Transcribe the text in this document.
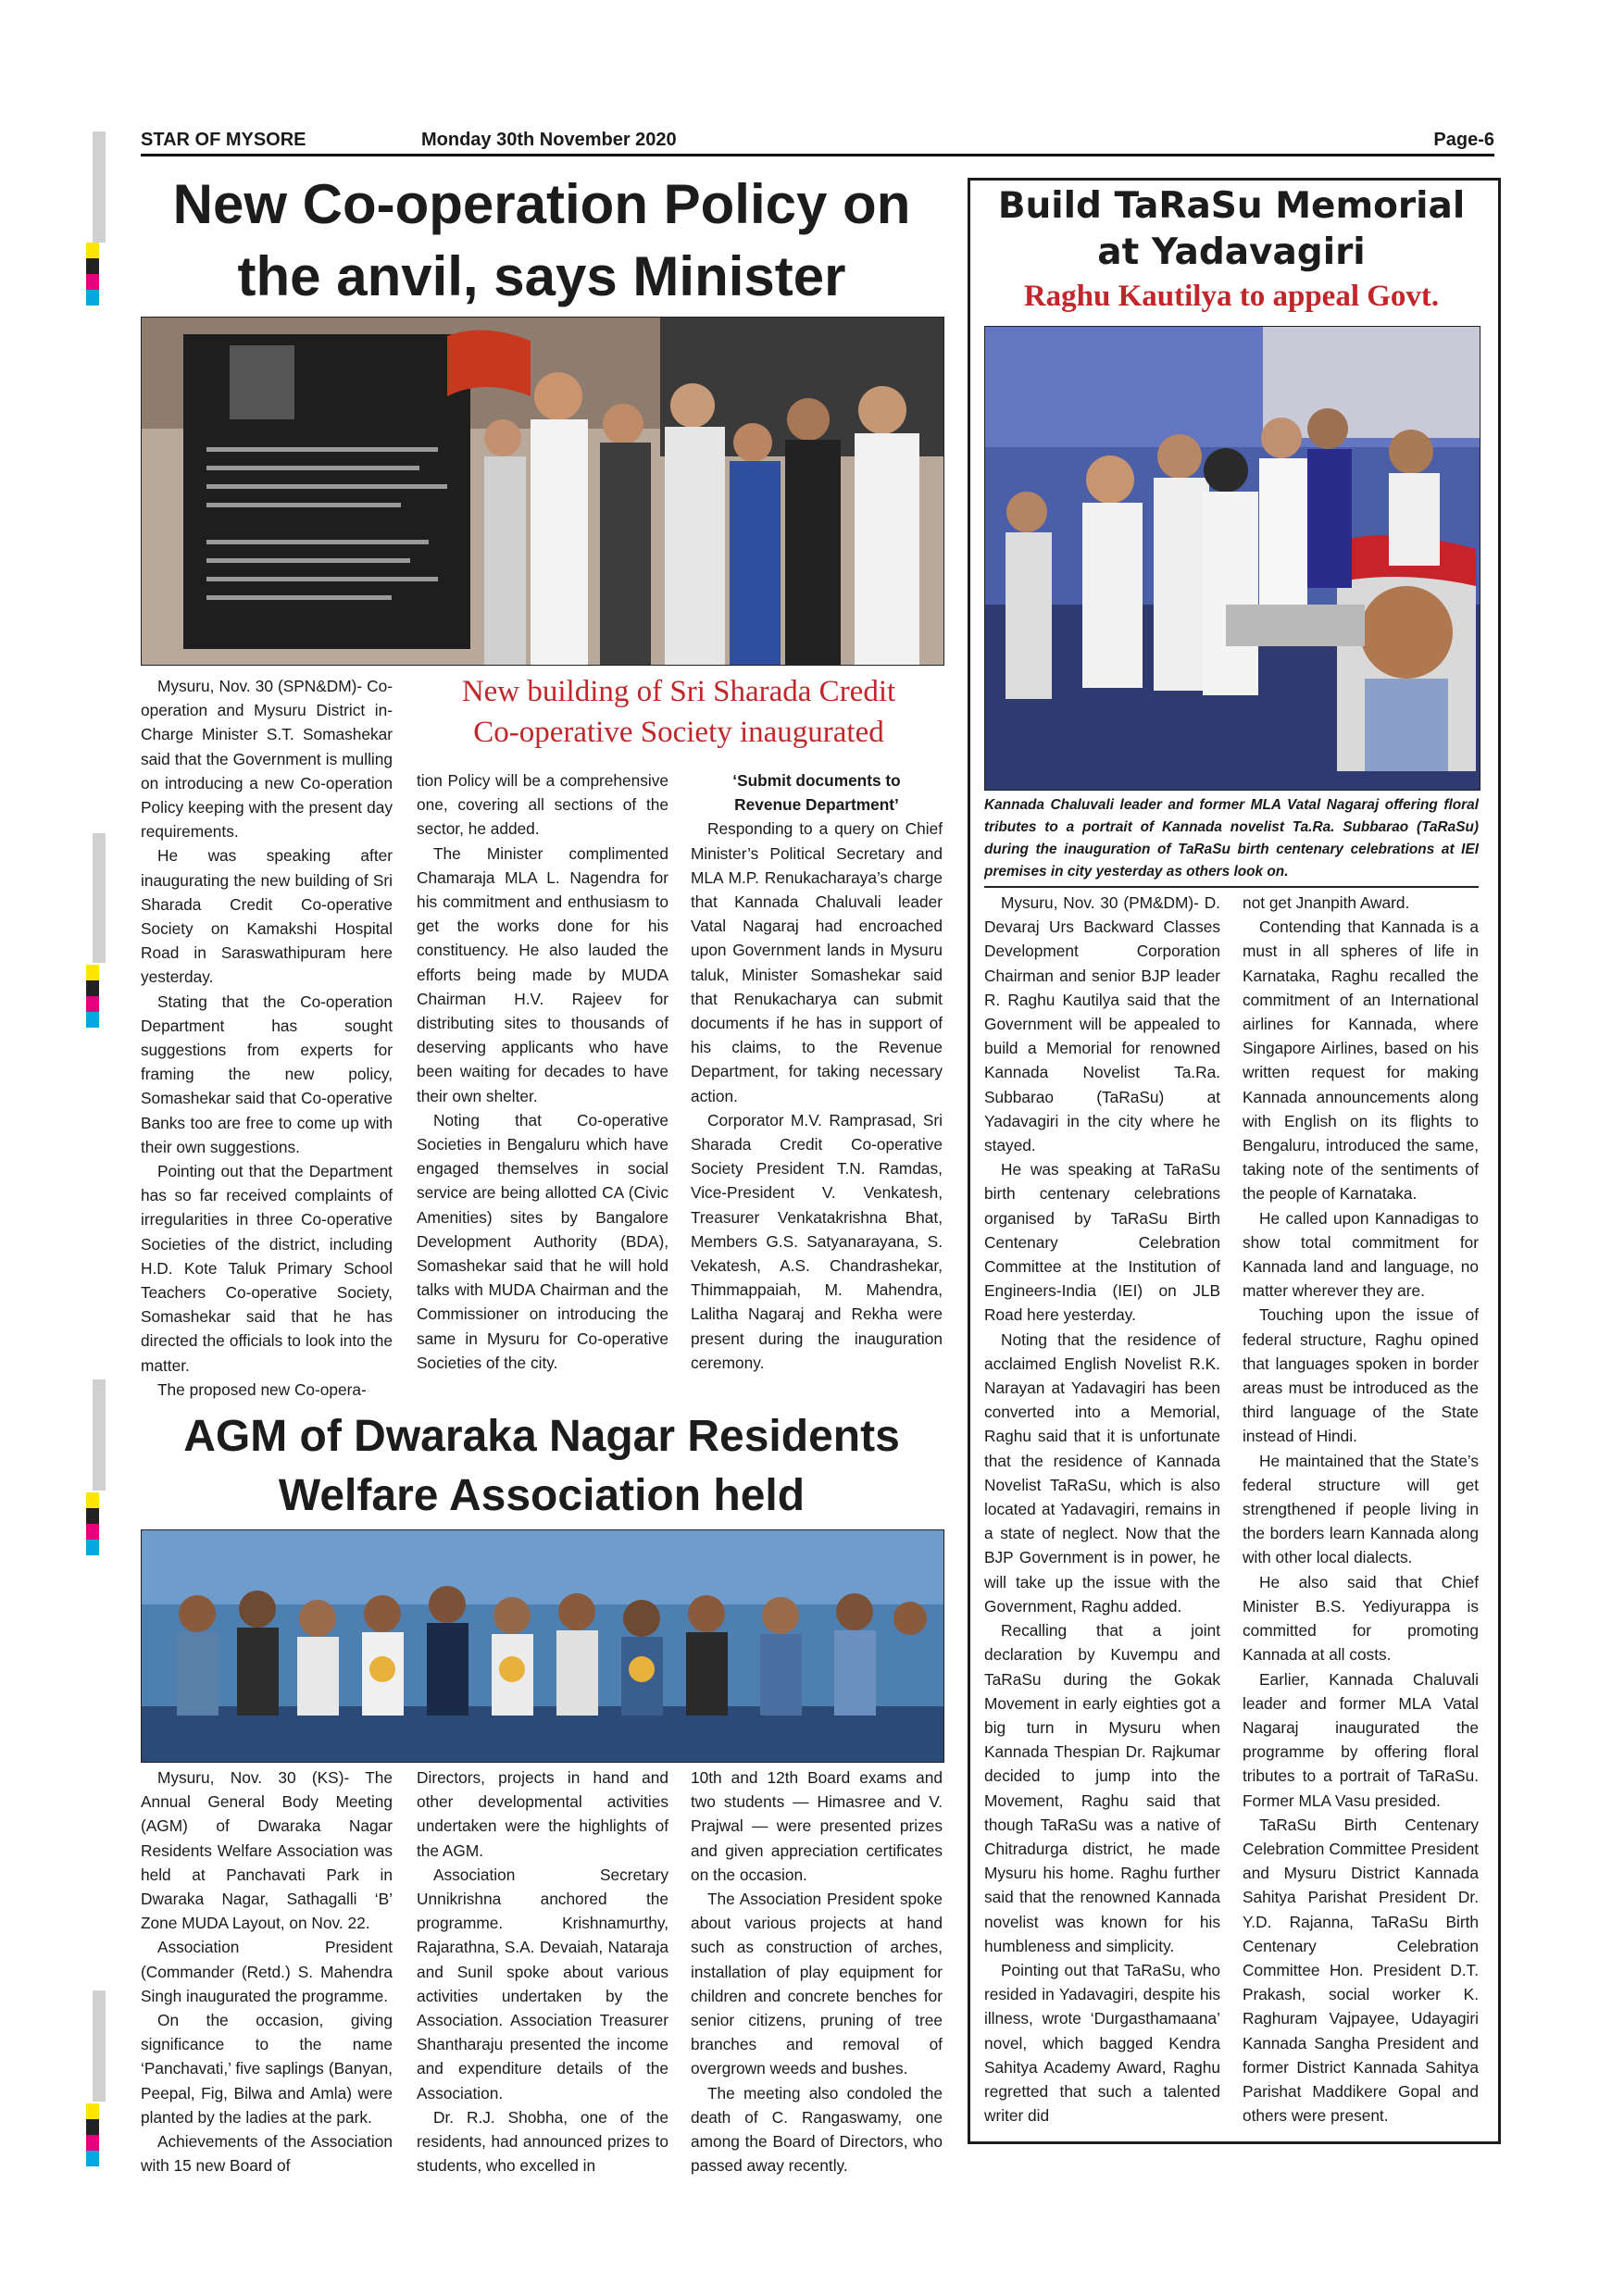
STAR OF MYSORE	Monday 30th November 2020	Page-6
New Co-operation Policy on
the anvil, says Minister
New building of Sri Sharada Credit
Co-operative Society inaugurated

Mysuru, Nov. 30 (SPN&DM)- Co-operation and Mysuru District in-Charge Minister S.T. Somashekar said that the Government is mulling on introducing a new Co-operation Policy keeping with the present day requirements.

He was speaking after inaugurating the new building of Sri Sharada Credit Co-operative Society on Kamakshi Hospital Road in Saraswathipuram here yesterday.

Stating that the Co-operation Department has sought suggestions from experts for framing the new policy, Somashekar said that Co-operative Banks too are free to come up with their own suggestions.

Pointing out that the Department has so far received complaints of irregularities in three Co-operative Societies of the district, including H.D. Kote Taluk Primary School Teachers Co-operative Society, Somashekar said that he has directed the officials to look into the matter.

The proposed new Co-opera-

tion Policy will be a comprehensive one, covering all sections of the sector, he added.

The Minister complimented Chamaraja MLA L. Nagendra for his commitment and enthusiasm to get the works done for his constituency. He also lauded the efforts being made by MUDA Chairman H.V. Rajeev for distributing sites to thousands of deserving applicants who have been waiting for decades to have their own shelter.

Noting that Co-operative Societies in Bengaluru which have engaged themselves in social service are being allotted CA (Civic Amenities) sites by Bangalore Development Authority (BDA), Somashekar said that he will hold talks with MUDA Chairman and the Commissioner on introducing the same in Mysuru for Co-operative Societies of the city.

‘Submit documents to

Revenue Department’

Responding to a query on Chief Minister’s Political Secretary and MLA M.P. Renukacharaya’s charge that Kannada Chaluvali leader Vatal Nagaraj had encroached upon Government lands in Mysuru taluk, Minister Somashekar said that Renukacharya can submit documents if he has in support of his claims, to the Revenue Department, for taking necessary action.

Corporator M.V. Ramprasad, Sri Sharada Credit Co-operative Society President T.N. Ramdas, Vice-President V. Venkatesh, Treasurer Venkatakrishna Bhat, Members G.S. Satyanarayana, S. Vekatesh, A.S. Chandrashekar, Thimmappaiah, M. Mahendra, Lalitha Nagaraj and Rekha were present during the inauguration ceremony.

AGM of Dwaraka Nagar Residents
Welfare Association held

Mysuru, Nov. 30 (KS)- The Annual General Body Meeting (AGM) of Dwaraka Nagar Residents Welfare Association was held at Panchavati Park in Dwaraka Nagar, Sathagalli ‘B’ Zone MUDA Layout, on Nov. 22.

Association President (Commander (Retd.) S. Mahendra Singh inaugurated the programme.

On the occasion, giving significance to the name ‘Panchavati,’ five saplings (Banyan, Peepal, Fig, Bilwa and Amla) were planted by the ladies at the park.

Achievements of the Association with 15 new Board of

Directors, projects in hand and other developmental activities undertaken were the highlights of the AGM.

Association Secretary Unnikrishna anchored the programme. Krishnamurthy, Rajarathna, S.A. Devaiah, Nataraja and Sunil spoke about various activities undertaken by the Association. Association Treasurer Shantharaju presented the income and expenditure details of the Association.

Dr. R.J. Shobha, one of the residents, had announced prizes to students, who excelled in

10th and 12th Board exams and two students — Himasree and V. Prajwal — were presented prizes and given appreciation certificates on the occasion.

The Association President spoke about various projects at hand such as construction of arches, installation of play equipment for children and concrete benches for senior citizens, pruning of tree branches and removal of overgrown weeds and bushes.

The meeting also condoled the death of C. Rangaswamy, one among the Board of Directors, who passed away recently.

Build TaRaSu Memorial
at Yadavagiri
Raghu Kautilya to appeal Govt.
Kannada Chaluvali leader and former MLA Vatal Nagaraj offering floral tributes to a portrait of Kannada novelist Ta.Ra. Subbarao (TaRaSu) during the inauguration of TaRaSu birth centenary celebrations at IEI premises in city yesterday as others look on.

Mysuru, Nov. 30 (PM&DM)- D. Devaraj Urs Backward Classes Development Corporation Chairman and senior BJP leader R. Raghu Kautilya said that the Government will be appealed to build a Memorial for renowned Kannada Novelist Ta.Ra. Subbarao (TaRaSu) at Yadavagiri in the city where he stayed.

He was speaking at TaRaSu birth centenary celebrations organised by TaRaSu Birth Centenary Celebration Committee at the Institution of Engineers-India (IEI) on JLB Road here yesterday.

Noting that the residence of acclaimed English Novelist R.K. Narayan at Yadavagiri has been converted into a Memorial, Raghu said that it is unfortunate that the residence of Kannada Novelist TaRaSu, which is also located at Yadavagiri, remains in a state of neglect. Now that the BJP Government is in power, he will take up the issue with the Government, Raghu added.

Recalling that a joint declaration by Kuvempu and TaRaSu during the Gokak Movement in early eighties got a big turn in Mysuru when Kannada Thespian Dr. Rajkumar decided to jump into the Movement, Raghu said that though TaRaSu was a native of Chitradurga district, he made Mysuru his home. Raghu further said that the renowned Kannada novelist was known for his humbleness and simplicity.

Pointing out that TaRaSu, who resided in Yadavagiri, despite his illness, wrote ‘Durgasthamaana’ novel, which bagged Kendra Sahitya Academy Award, Raghu regretted that such a talented writer did

not get Jnanpith Award.

Contending that Kannada is a must in all spheres of life in Karnataka, Raghu recalled the commitment of an International airlines for Kannada, where Singapore Airlines, based on his written request for making Kannada announcements along with English on its flights to Bengaluru, introduced the same, taking note of the sentiments of the people of Karnataka.

He called upon Kannadigas to show total commitment for Kannada land and language, no matter wherever they are.

Touching upon the issue of federal structure, Raghu opined that languages spoken in border areas must be introduced as the third language of the State instead of Hindi.

He maintained that the State’s federal structure will get strengthened if people living in the borders learn Kannada along with other local dialects.

He also said that Chief Minister B.S. Yediyurappa is committed for promoting Kannada at all costs.

Earlier, Kannada Chaluvali leader and former MLA Vatal Nagaraj inaugurated the programme by offering floral tributes to a portrait of TaRaSu. Former MLA Vasu presided.

TaRaSu Birth Centenary Celebration Committee President and Mysuru District Kannada Sahitya Parishat President Dr. Y.D. Rajanna, TaRaSu Birth Centenary Celebration Committee Hon. President D.T. Prakash, social worker K. Raghuram Vajpayee, Udayagiri Kannada Sangha President and former District Kannada Sahitya Parishat Maddikere Gopal and others were present.
